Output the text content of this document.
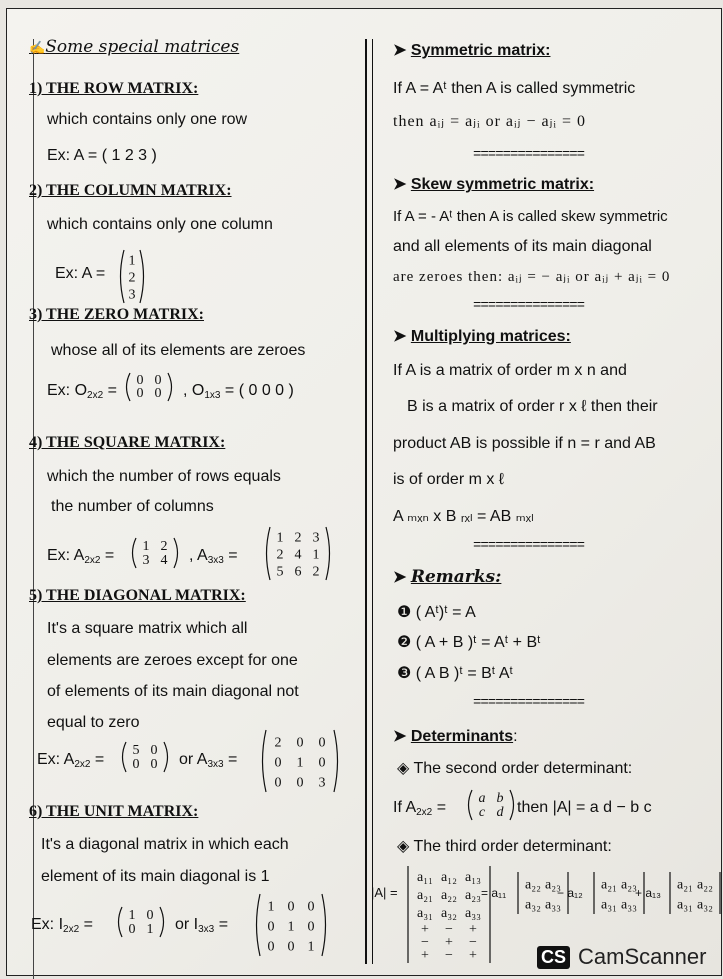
✍Some special matrices
1) THE ROW MATRIX:
which contains only one row
Ex: A = ( 1 2 3 )
2) THE COLUMN MATRIX:
which contains only one column
Ex: A =
1
2
3
3) THE ZERO MATRIX:
whose all of its elements are zeroes
Ex: $O_{2x2}$ =
0 0
0 0 , $O_{1x3}$ = ( 0 0 0 )
4) THE SQUARE MATRIX:
which the number of rows equals
the number of columns
Ex: $A_{2x2}$ =
1 2
3 4 , $A_{3x3}$ =
1 2 3
2 4 1
5 6 2
5) THE DIAGONAL MATRIX:
It's a square matrix which all
elements are zeroes except for one
of elements of its main diagonal not
equal to zero
Ex: $A_{2x2}$ =
5 0
0 0 or $A_{3x3}$ =
2 0 0
0 1 0
0 0 3
6) THE UNIT MATRIX:
It's a diagonal matrix in which each
element of its main diagonal is 1
Ex: $I_{2x2}$ =
1 0
0 1 or $I_{3x3}$ =
1 0 0
0 1 0
0 0 1
➤ Symmetric matrix:
If A = Aᵗ then A is called symmetric
then aᵢⱼ = aⱼᵢ or aᵢⱼ − aⱼᵢ = 0
===============
➤ Skew symmetric matrix:
If A = - Aᵗ then A is called skew symmetric
and all elements of its main diagonal
are zeroes then: aᵢⱼ = − aⱼᵢ or aᵢⱼ + aⱼᵢ = 0
===============
➤ Multiplying matrices:
If A is a matrix of order m x n and
B is a matrix of order r x ℓ then their
product AB is possible if n = r and AB
is of order m x ℓ
A ₘₓₙ x B ᵣₓₗ = AB ₘₓₗ
===============
➤ Remarks:
❶ ( Aᵗ)ᵗ = A
❷ ( A + B )ᵗ = Aᵗ + Bᵗ
❸ ( A B )ᵗ = Bᵗ Aᵗ
===============
➤ Determinants:
◈ The second order determinant:
If $A_{2x2}$ =
a b
c d then |A| = a d − b c
◈ The third order determinant:
|A| =
a₁₁ a₁₂ a₁₃
a₂₁ a₂₂ a₂₃
a₃₁ a₃₂ a₃₃
= a₁₁
a₂₂ a₂₃
a₃₂ a₃₃
− a₁₂
a₂₁ a₂₃
a₃₁ a₃₃
+ a₁₃
a₂₁ a₂₂
a₃₁ a₃₂
+ − +
− + −
+ − +	CS CamScanner
